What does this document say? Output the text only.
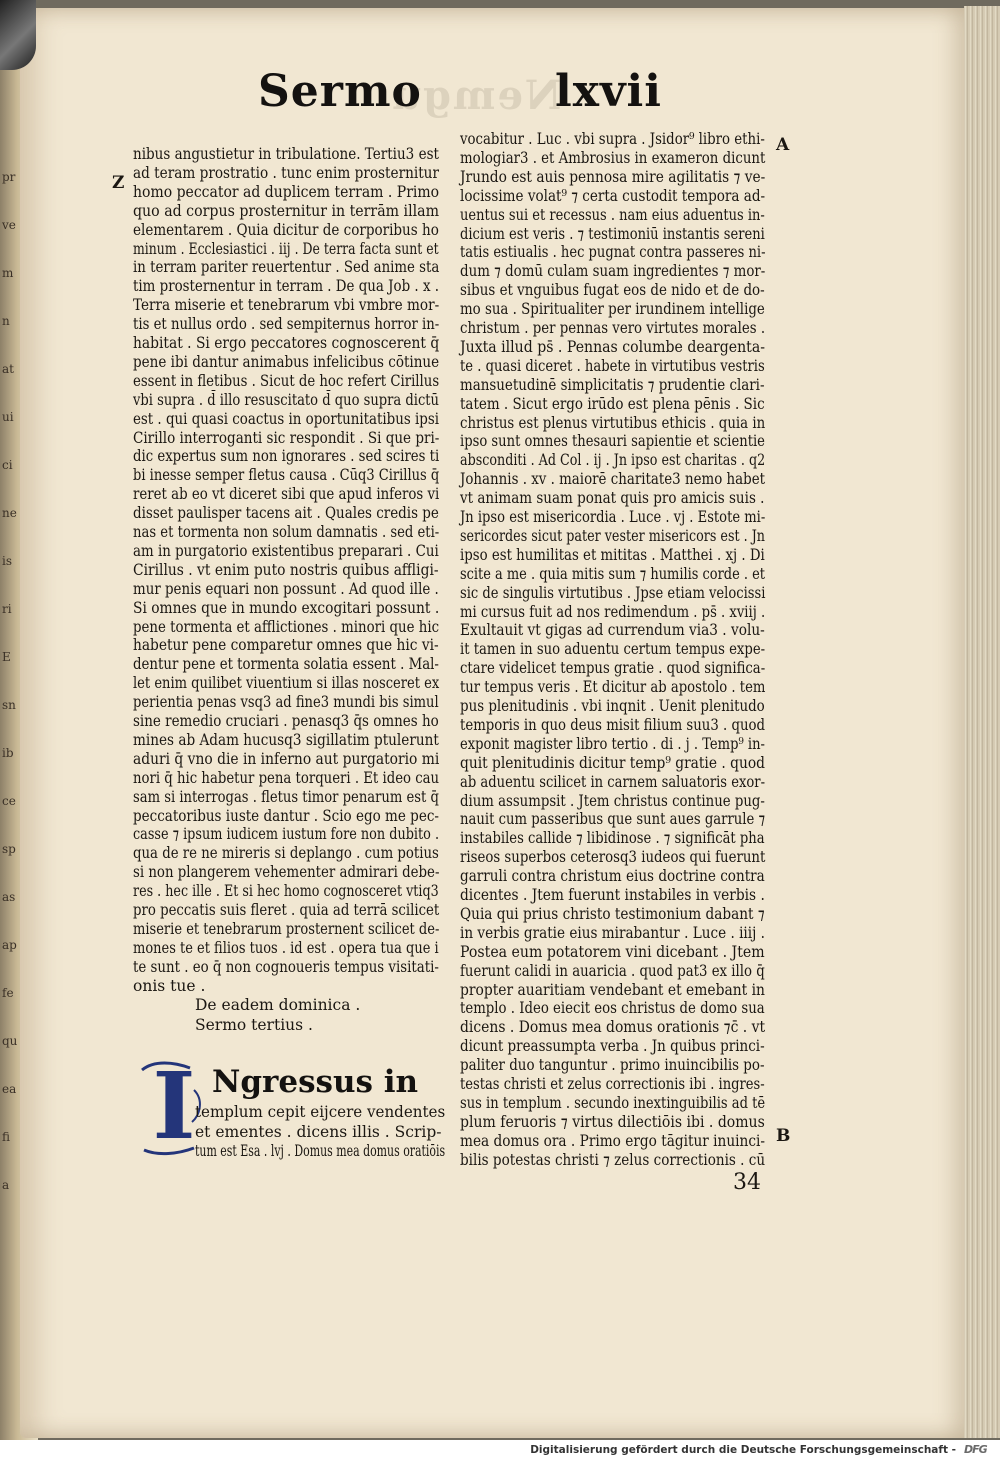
pr
ve
m
n
at
ui
ci
ne
is
ri
E
sn
ib
ce
sp
as
ap
fe
qu
ea
fi
a
Nemgu
Sermo	lxvii
Z
nibus angustietur in tribulatione. Tertiu3 est
ad teram prostratio . tunc enim prosternitur
homo peccator ad duplicem terram . Primo
quo ad corpus prosternitur in terrām illam
elementarem . Quia dicitur de corporibus ho
minum . Ecclesiastici . iij . De terra facta sunt et
in terram pariter reuertentur . Sed anime sta
tim prosternentur in terram . De qua Job . x .
Terra miserie et tenebrarum vbi vmbre mor-
tis et nullus ordo . sed sempiternus horror in-
habitat . Si ergo peccatores cognoscerent q̄
pene ibi dantur animabus infelicibus cōtinue
essent in fletibus . Sicut de hoc refert Cirillus
vbi supra . d̄ illo resuscitato d̄ quo supra dictū
est . qui quasi coactus in oportunitatibus ipsi
Cirillo interroganti sic respondit . Si que pri-
dic expertus sum non ignorares . sed scires ti
bi inesse semper fletus causa . Cūq3 Cirillus q̄
reret ab eo vt diceret sibi que apud inferos vi
disset paulisper tacens ait . Quales credis pe
nas et tormenta non solum damnatis . sed eti-
am in purgatorio existentibus preparari . Cui
Cirillus . vt enim puto nostris quibus affligi-
mur penis equari non possunt . Ad quod ille .
Si omnes que in mundo excogitari possunt .
pene tormenta et afflictiones . minori que hic
habetur pene comparetur omnes que hic vi-
dentur pene et tormenta solatia essent . Mal-
let enim quilibet viuentium si illas nosceret ex
perientia penas vsq3 ad fine3 mundi bis simul
sine remedio cruciari . penasq3 q̄s omnes ho
mines ab Adam hucusq3 sigillatim ptulerunt
aduri q̄ vno die in inferno aut purgatorio mi
nori q̄ hic habetur pena torqueri . Et ideo cau
sam si interrogas . fletus timor penarum est q̄
peccatoribus iuste dantur . Scio ego me pec-
casse ⁊ ipsum iudicem iustum fore non dubito .
qua de re ne mireris si deplango . cum potius
si non plangerem vehementer admirari debe-
res . hec ille . Et si hec homo cognosceret vtiq3
pro peccatis suis fleret . quia ad terrā scilicet
miserie et tenebrarum prosternent scilicet de-
mones te et filios tuos . id est . opera tua que i
te sunt . eo q̄ non cognoueris tempus visitati-
onis tue .
De eadem dominica .
Sermo tertius .
I Ngressus in
templum cepit eijcere vendentes
et ementes . dicens illis . Scrip-
tum est Esa . lvj . Domus mea domus oratiōis
A
B
vocabitur . Luc . vbi supra . Jsidor⁹ libro ethi-
mologiar3 . et Ambrosius in exameron dicunt
Jrundo est auis pennosa mire agilitatis ⁊ ve-
locissime volat⁹ ⁊ certa custodit tempora ad-
uentus sui et recessus . nam eius aduentus in-
dicium est veris . ⁊ testimoniū instantis sereni
tatis estiualis . hec pugnat contra passeres ni-
dum ⁊ domū culam suam ingredientes ⁊ mor-
sibus et vnguibus fugat eos de nido et de do-
mo sua . Spiritualiter per irundinem intellige
christum . per pennas vero virtutes morales .
Juxta illud ps̄ . Pennas columbe deargenta-
te . quasi diceret . habete in virtutibus vestris
mansuetudinē simplicitatis ⁊ prudentie clari-
tatem . Sicut ergo irūdo est plena pēnis . Sic
christus est plenus virtutibus ethicis . quia in
ipso sunt omnes thesauri sapientie et scientie
absconditi . Ad Col . ij . Jn ipso est charitas . q2
Johannis . xv . maiorē charitate3 nemo habet
vt animam suam ponat quis pro amicis suis .
Jn ipso est misericordia . Luce . vj . Estote mi-
sericordes sicut pater vester misericors est . Jn
ipso est humilitas et mititas . Matthei . xj . Di
scite a me . quia mitis sum ⁊ humilis corde . et
sic de singulis virtutibus . Jpse etiam velocissi
mi cursus fuit ad nos redimendum . ps̄ . xviij .
Exultauit vt gigas ad currendum via3 . volu-
it tamen in suo aduentu certum tempus expe-
ctare videlicet tempus gratie . quod significa-
tur tempus veris . Et dicitur ab apostolo . tem
pus plenitudinis . vbi inqnit . Uenit plenitudo
temporis in quo deus misit filium suu3 . quod
exponit magister libro tertio . di . j . Temp⁹ in-
quit plenitudinis dicitur temp⁹ gratie . quod
ab aduentu scilicet in carnem saluatoris exor-
dium assumpsit . Jtem christus continue pug-
nauit cum passeribus que sunt aues garrule ⁊
instabiles callide ⁊ libidinose . ⁊ significāt pha
riseos superbos ceterosq3 iudeos qui fuerunt
garruli contra christum eius doctrine contra
dicentes . Jtem fuerunt instabiles in verbis .
Quia qui prius christo testimonium dabant ⁊
in verbis gratie eius mirabantur . Luce . iiij .
Postea eum potatorem vini dicebant . Jtem
fuerunt calidi in auaricia . quod pat3 ex illo q̄
propter auaritiam vendebant et emebant in
templo . Ideo eiecit eos christus de domo sua
dicens . Domus mea domus orationis ⁊c̄ . vt
dicunt preassumpta verba . Jn quibus princi-
paliter duo tanguntur . primo inuincibilis po-
testas christi et zelus correctionis ibi . ingres-
sus in templum . secundo inextinguibilis ad tē
plum feruoris ⁊ virtus dilectiōis ibi . domus
mea domus ora . Primo ergo tāgitur inuinci-
bilis potestas christi ⁊ zelus correctionis . cū
34
Digitalisierung gefördert durch die Deutsche Forschungsgemeinschaft - DFG
